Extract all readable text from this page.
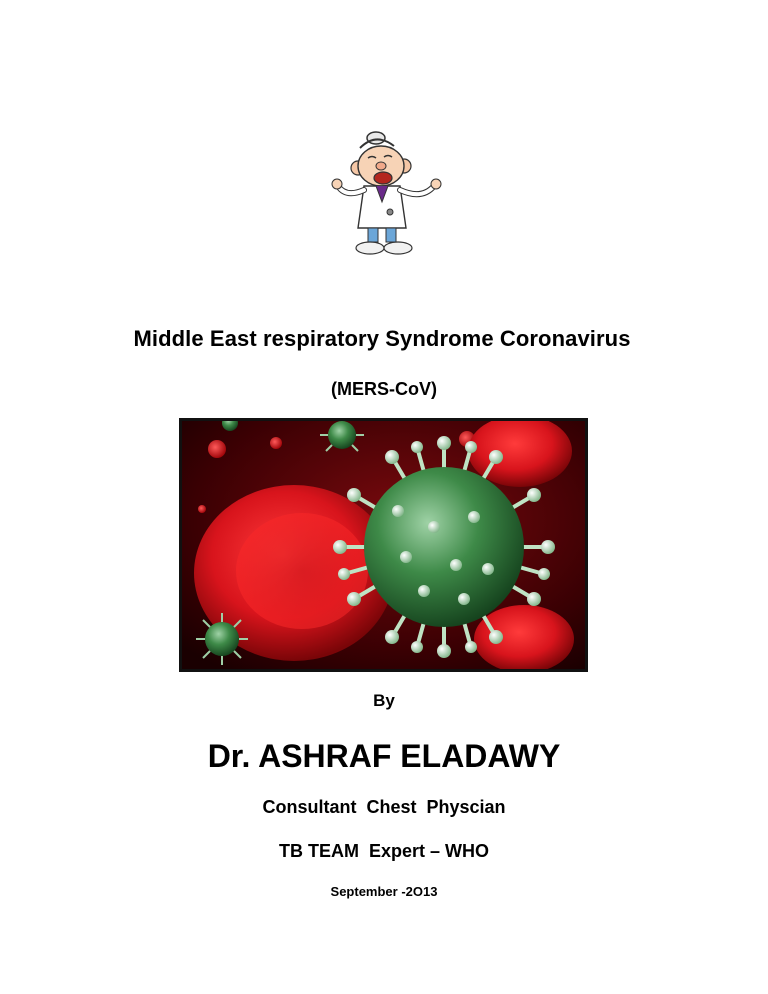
Middle East respiratory Syndrome Coronavirus
(MERS-CoV)
By
Dr. ASHRAF ELADAWY
Consultant  Chest  Physcian
TB TEAM  Expert – WHO
September -2O13
